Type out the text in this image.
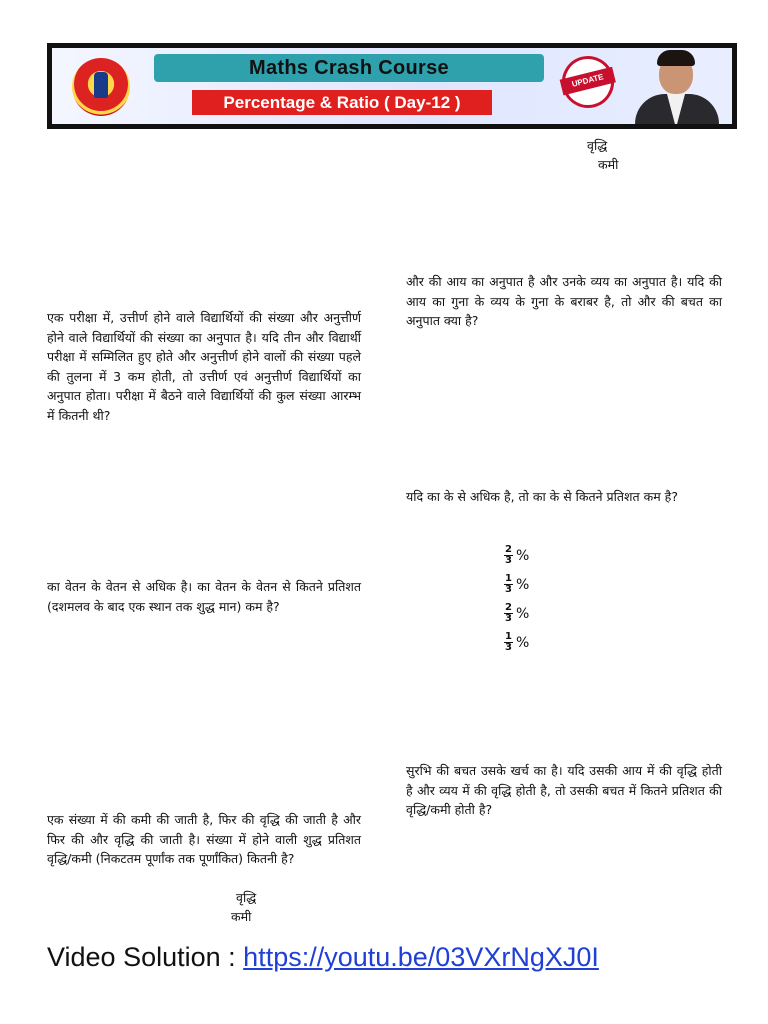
Maths Crash Course
Percentage & Ratio ( Day-12 )
UPDATE
वृद्धि
कमी

और की आय का अनुपात है और उनके व्यय का अनुपात है। यदि की आय का गुना के व्यय के गुना के बराबर है, तो और की बचत का अनुपात क्या है?

एक परीक्षा में, उत्तीर्ण होने वाले विद्यार्थियों की संख्या और अनुत्तीर्ण होने वाले विद्यार्थियों की संख्या का अनुपात है। यदि तीन और विद्यार्थी परीक्षा में सम्मिलित हुए होते और अनुत्तीर्ण होने वालों की संख्या पहले की तुलना में 3 कम होती, तो उत्तीर्ण एवं अनुत्तीर्ण विद्यार्थियों का अनुपात होता। परीक्षा में बैठने वाले विद्यार्थियों की कुल संख्या आरम्भ में कितनी थी?

यदि का के से अधिक है, तो का के से कितने प्रतिशत कम है?

$\frac{2}{3}$ %
$\frac{1}{3}$ %
$\frac{2}{3}$ %
$\frac{1}{3}$ %

का वेतन के वेतन से अधिक है। का वेतन के वेतन से कितने प्रतिशत (दशमलव के बाद एक स्थान तक शुद्ध मान) कम है?

सुरभि की बचत उसके खर्च का है। यदि उसकी आय में की वृद्धि होती है और व्यय में की वृद्धि होती है, तो उसकी बचत में कितने प्रतिशत की वृद्धि/कमी होती है?

एक संख्या में की कमी की जाती है, फिर की वृद्धि की जाती है और फिर की और वृद्धि की जाती है। संख्या में होने वाली शुद्ध प्रतिशत वृद्धि/कमी (निकटतम पूर्णांक तक पूर्णांकित) कितनी है?

वृद्धि
कमी
Video Solution : https://youtu.be/03VXrNgXJ0I
